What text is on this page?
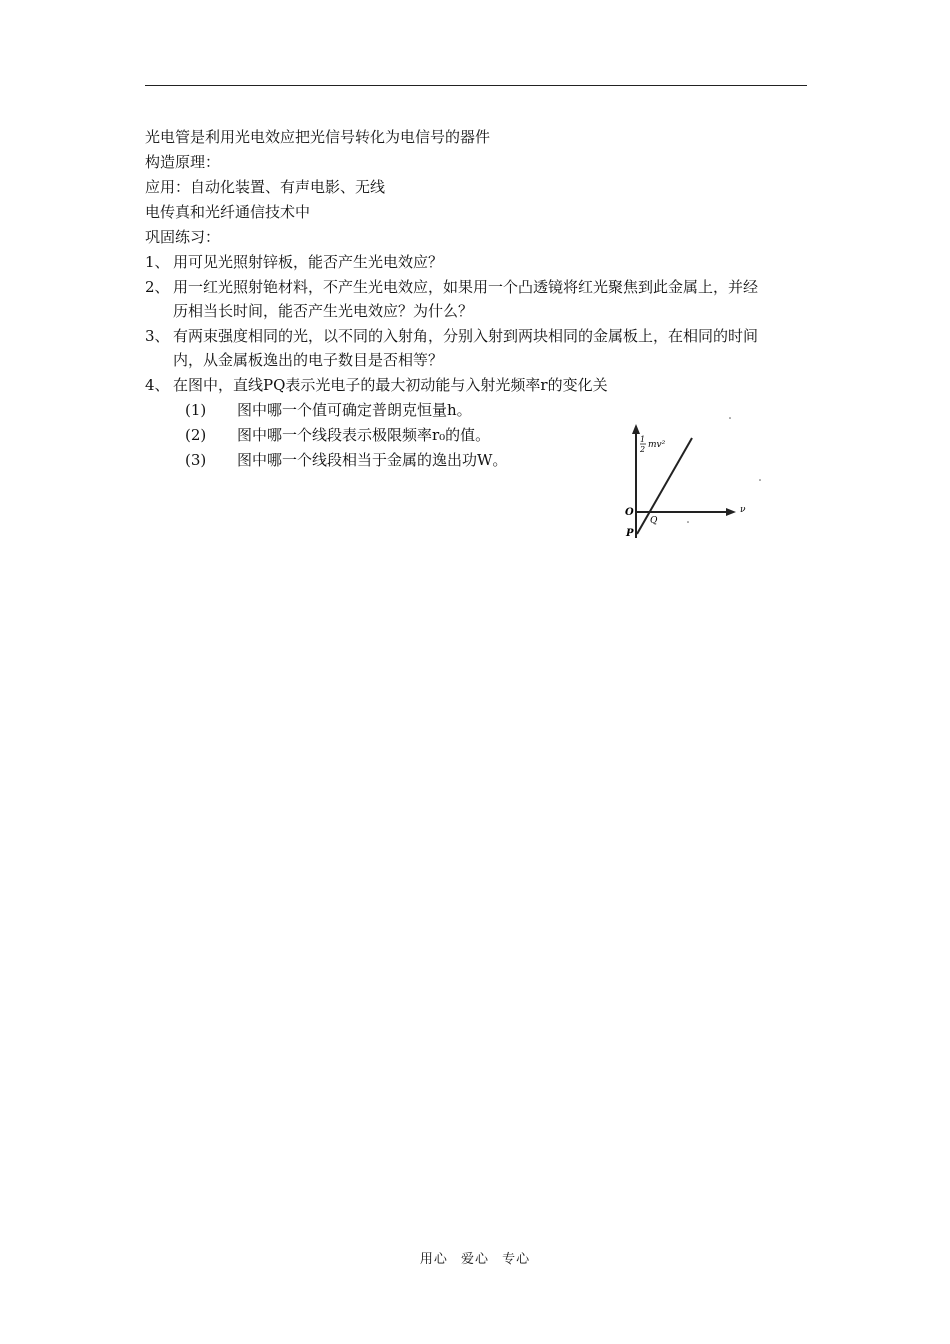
光电管是利用光电效应把光信号转化为电信号的器件
构造原理：
应用：自动化装置、有声电影、无线
电传真和光纤通信技术中
巩固练习：
1、 用可见光照射锌板，能否产生光电效应？
2、 用一红光照射铯材料，不产生光电效应，如果用一个凸透镜将红光聚焦到此金属上，并经
历相当长时间，能否产生光电效应？为什么？
3、 有两束强度相同的光，以不同的入射角，分别入射到两块相同的金属板上，在相同的时间
内，从金属板逸出的电子数目是否相等？
4、 在图中，直线PQ表示光电子的最大初动能与入射光频率r的变化关
(1) 图中哪一个值可确定普朗克恒量h。
(2) 图中哪一个线段表示极限频率r₀的值。
(3) 图中哪一个线段相当于金属的逸出功W。
1
2 mv²
O
P
Q
ν
用心 爱心 专心
